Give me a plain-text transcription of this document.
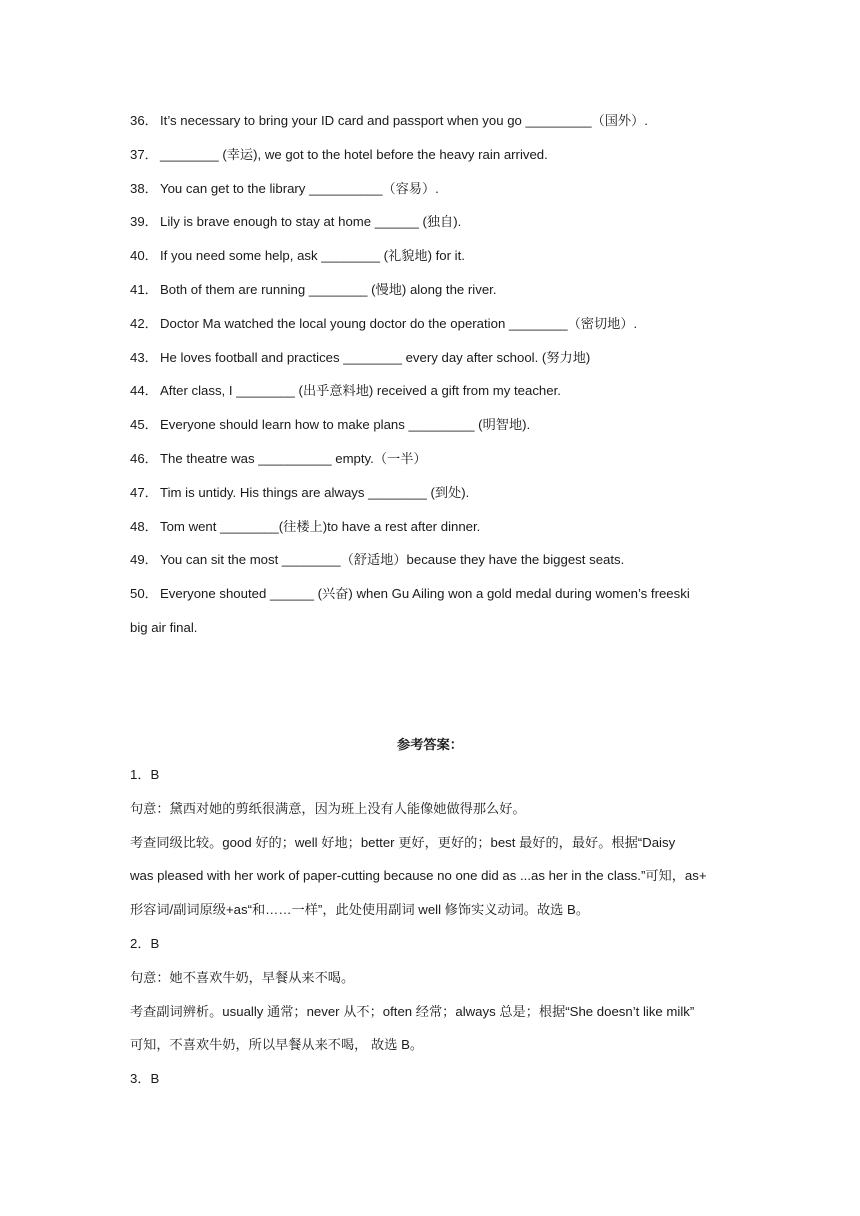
36． It’s necessary to bring your ID card and passport when you go _________（国外）.
37． ________ (幸运), we got to the hotel before the heavy rain arrived.
38． You can get to the library __________（容易）.
39． Lily is brave enough to stay at home ______ (独自).
40． If you need some help, ask ________ (礼貌地) for it.
41． Both of them are running ________ (慢地) along the river.
42． Doctor Ma watched the local young doctor do the operation ________（密切地）.
43． He loves football and practices ________ every day after school. (努力地)
44． After class, I ________ (出乎意料地) received a gift from my teacher.
45． Everyone should learn how to make plans _________ (明智地).
46． The theatre was __________ empty.（一半）
47． Tim is untidy. His things are always ________ (到处).
48． Tom went ________(往楼上)to have a rest after dinner.
49． You can sit the most ________（舒适地）because they have the biggest seats.
50． Everyone shouted ______ (兴奋) when Gu Ailing won a gold medal during women’s freeski
big air final.
参考答案：
1．B
句意：黛西对她的剪纸很满意，因为班上没有人能像她做得那么好。
考查同级比较。good 好的；well 好地；better 更好，更好的；best 最好的，最好。根据“Daisy
was pleased with her work of paper-cutting because no one did as ...as her in the class.”可知，as+
形容词/副词原级+as“和……一样”，此处使用副词 well 修饰实义动词。故选 B。
2．B
句意：她不喜欢牛奶，早餐从来不喝。
考查副词辨析。usually 通常；never 从不；often 经常；always 总是；根据“She doesn’t like milk”
可知，不喜欢牛奶，所以早餐从来不喝， 故选 B。
3．B
